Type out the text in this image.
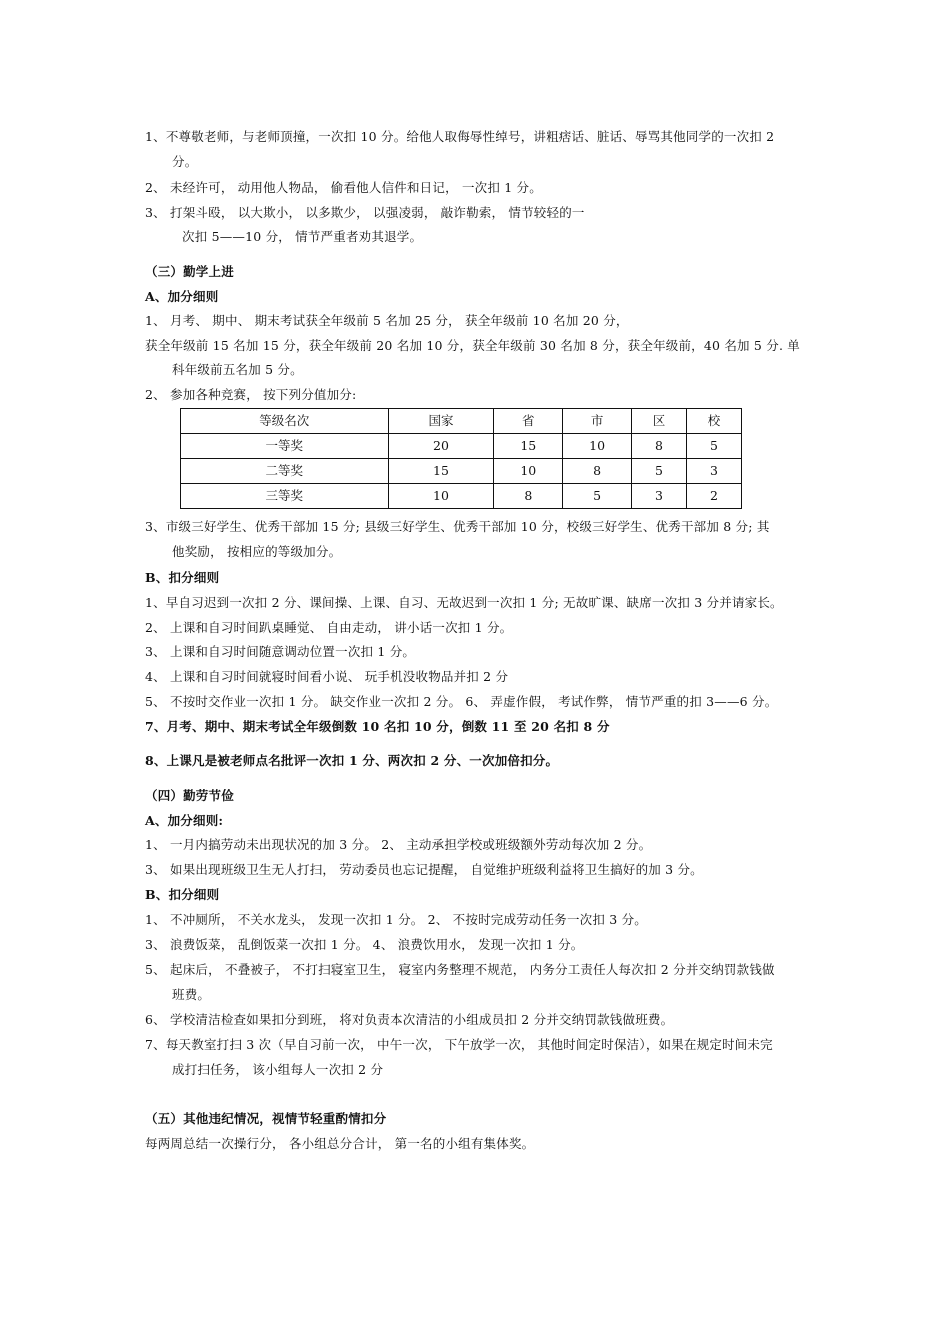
1、不尊敬老师，与老师顶撞，一次扣 10 分。给他人取侮辱性绰号，讲粗痞话、脏话、辱骂其他同学的一次扣 2
分。
2、 未经许可， 动用他人物品， 偷看他人信件和日记， 一次扣 1 分。
3、 打架斗殴， 以大欺小， 以多欺少， 以强凌弱， 敲诈勒索， 情节较轻的一
次扣 5——10 分， 情节严重者劝其退学。
（三）勤学上进
A、加分细则
1、 月考、 期中、 期末考试获全年级前 5 名加 25 分， 获全年级前 10 名加 20 分，
获全年级前 15 名加 15 分，获全年级前 20 名加 10 分，获全年级前 30 名加 8 分，获全年级前，40 名加 5 分. 单
科年级前五名加 5 分。
2、 参加各种竞赛， 按下列分值加分:
等级名次	国家	省	市	区	校
一等奖	20	15	10	8	5
二等奖	15	10	8	5	3
三等奖	10	8	5	3	2
3、市级三好学生、优秀干部加 15 分; 县级三好学生、优秀干部加 10 分，校级三好学生、优秀干部加 8 分; 其
他奖励， 按相应的等级加分。
B、扣分细则
1、早自习迟到一次扣 2 分、课间操、上课、自习、无故迟到一次扣 1 分; 无故旷课、缺席一次扣 3 分并请家长。
2、 上课和自习时间趴桌睡觉、 自由走动， 讲小话一次扣 1 分。
3、 上课和自习时间随意调动位置一次扣 1 分。
4、 上课和自习时间就寝时间看小说、 玩手机没收物品并扣 2 分
5、 不按时交作业一次扣 1 分。 缺交作业一次扣 2 分。 6、 弄虚作假， 考试作弊， 情节严重的扣 3——6 分。
7、月考、期中、期末考试全年级倒数 10 名扣 10 分，倒数 11 至 20 名扣 8 分
8、上课凡是被老师点名批评一次扣 1 分、两次扣 2 分、一次加倍扣分。
（四）勤劳节俭
A、加分细则:
1、 一月内搞劳动未出现状况的加 3 分。 2、 主动承担学校或班级额外劳动每次加 2 分。
3、 如果出现班级卫生无人打扫， 劳动委员也忘记提醒， 自觉维护班级利益将卫生搞好的加 3 分。
B、扣分细则
1、 不冲厕所， 不关水龙头， 发现一次扣 1 分。 2、 不按时完成劳动任务一次扣 3 分。
3、 浪费饭菜， 乱倒饭菜一次扣 1 分。 4、 浪费饮用水， 发现一次扣 1 分。
5、 起床后， 不叠被子， 不打扫寝室卫生， 寝室内务整理不规范， 内务分工责任人每次扣 2 分并交纳罚款钱做
班费。
6、 学校清洁检查如果扣分到班， 将对负责本次清洁的小组成员扣 2 分并交纳罚款钱做班费。
7、每天教室打扫 3 次（早自习前一次， 中午一次， 下午放学一次， 其他时间定时保洁），如果在规定时间未完
成打扫任务， 该小组每人一次扣 2 分
（五）其他违纪情况，视情节轻重酌情扣分
每两周总结一次操行分， 各小组总分合计， 第一名的小组有集体奖。
